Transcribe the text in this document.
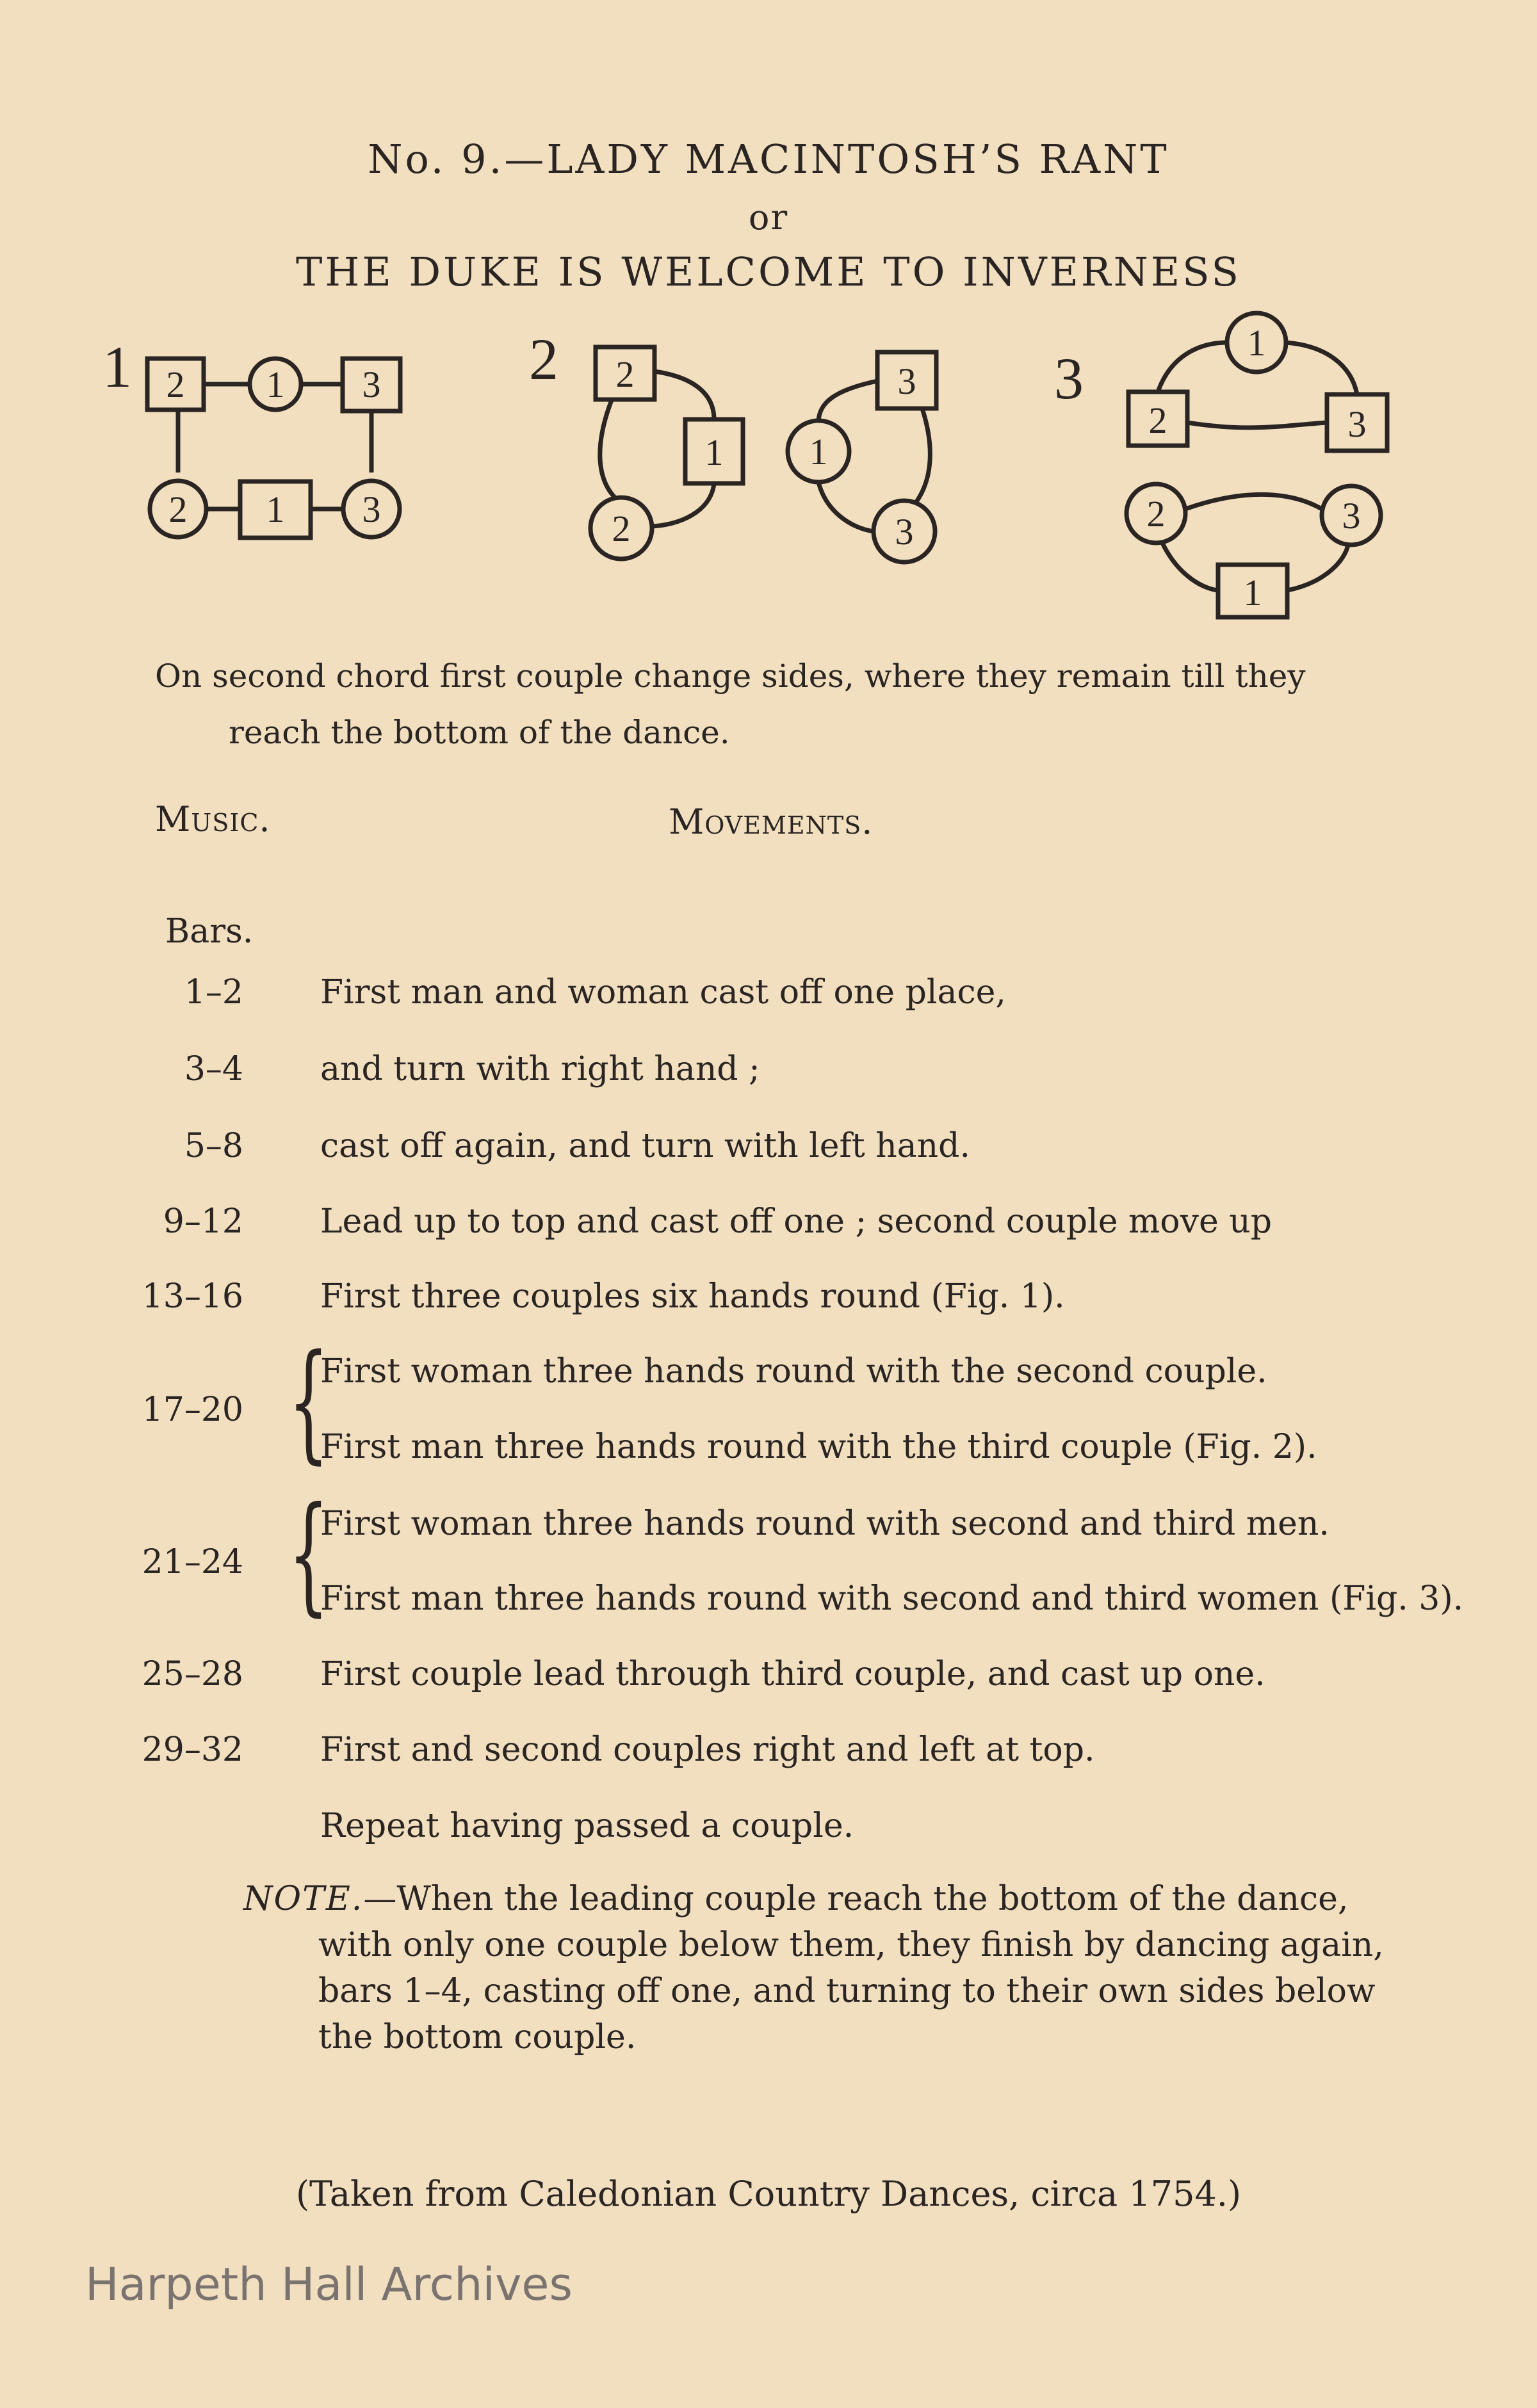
No. 9.—LADY MACINTOSH’S RANT
or
THE DUKE IS WELCOME TO INVERNESS
1	2	3
2 1 3
2 1 3
2
1
2
3
1
3
1
2	3
2	3
1
On second chord first couple change sides, where they remain till they
reach the bottom of the dance.
Music.	Movements.
Bars.
1–2 First man and woman cast off one place,
3–4 and turn with right hand ;
5–8 cast off again, and turn with left hand.
9–12 Lead up to top and cast off one ; second couple move up
13–16 First three couples six hands round (Fig. 1).
{
First woman three hands round with the second couple.
17–20
First man three hands round with the third couple (Fig. 2).
{
First woman three hands round with second and third men.
21–24
First man three hands round with second and third women (Fig. 3).
25–28 First couple lead through third couple, and cast up one.
29–32 First and second couples right and left at top.
Repeat having passed a couple.
NOTE.—When the leading couple reach the bottom of the dance,
with only one couple below them, they finish by dancing again,
bars 1–4, casting off one, and turning to their own sides below
the bottom couple.
(Taken from Caledonian Country Dances, circa 1754.)
Harpeth Hall Archives
